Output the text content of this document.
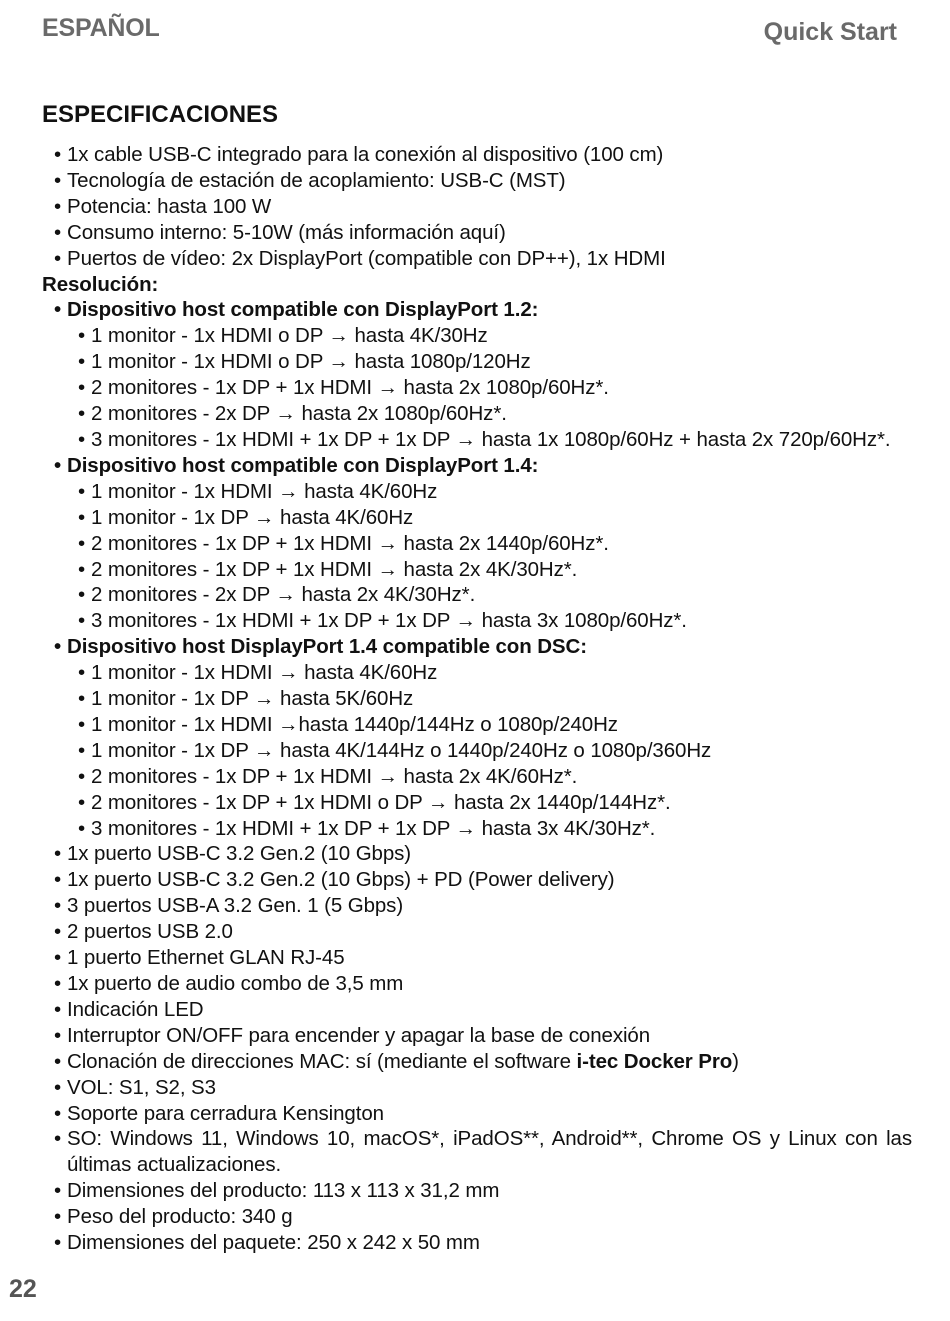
ESPAÑOL	Quick Start
ESPECIFICACIONES
• 1x cable USB-C integrado para la conexión al dispositivo (100 cm)
• Tecnología de estación de acoplamiento: USB-C (MST)
• Potencia: hasta 100 W
• Consumo interno: 5-10W (más información aquí)
• Puertos de vídeo: 2x DisplayPort (compatible con DP++), 1x HDMI
Resolución:
• Dispositivo host compatible con DisplayPort 1.2:
• 1 monitor - 1x HDMI o DP → hasta 4K/30Hz
• 1 monitor - 1x HDMI o DP → hasta 1080p/120Hz
• 2 monitores - 1x DP + 1x HDMI → hasta 2x 1080p/60Hz*.
• 2 monitores - 2x DP → hasta 2x 1080p/60Hz*.
• 3 monitores - 1x HDMI + 1x DP + 1x DP → hasta 1x 1080p/60Hz + hasta 2x 720p/60Hz*.
• Dispositivo host compatible con DisplayPort 1.4:
• 1 monitor - 1x HDMI → hasta 4K/60Hz
• 1 monitor - 1x DP → hasta 4K/60Hz
• 2 monitores - 1x DP + 1x HDMI → hasta 2x 1440p/60Hz*.
• 2 monitores - 1x DP + 1x HDMI → hasta 2x 4K/30Hz*.
• 2 monitores - 2x DP → hasta 2x 4K/30Hz*.
• 3 monitores - 1x HDMI + 1x DP + 1x DP → hasta 3x 1080p/60Hz*.
• Dispositivo host DisplayPort 1.4 compatible con DSC:
• 1 monitor - 1x HDMI → hasta 4K/60Hz
• 1 monitor - 1x DP → hasta 5K/60Hz
• 1 monitor - 1x HDMI →hasta 1440p/144Hz o 1080p/240Hz
• 1 monitor - 1x DP → hasta 4K/144Hz o 1440p/240Hz o 1080p/360Hz
• 2 monitores - 1x DP + 1x HDMI → hasta 2x 4K/60Hz*.
• 2 monitores - 1x DP + 1x HDMI o DP → hasta 2x 1440p/144Hz*.
• 3 monitores - 1x HDMI + 1x DP + 1x DP → hasta 3x 4K/30Hz*.
• 1x puerto USB-C 3.2 Gen.2 (10 Gbps)
• 1x puerto USB-C 3.2 Gen.2 (10 Gbps) + PD (Power delivery)
• 3 puertos USB-A 3.2 Gen. 1 (5 Gbps)
• 2 puertos USB 2.0
• 1 puerto Ethernet GLAN RJ-45
• 1x puerto de audio combo de 3,5 mm
• Indicación LED
• Interruptor ON/OFF para encender y apagar la base de conexión
• Clonación de direcciones MAC: sí (mediante el software i-tec Docker Pro)
• VOL: S1, S2, S3
• Soporte para cerradura Kensington
• SO: Windows 11, Windows 10, macOS*, iPadOS**, Android**, Chrome OS y Linux con las últimas actualizaciones.
• Dimensiones del producto: 113 x 113 x 31,2 mm
• Peso del producto: 340 g
• Dimensiones del paquete: 250 x 242 x 50 mm
22
